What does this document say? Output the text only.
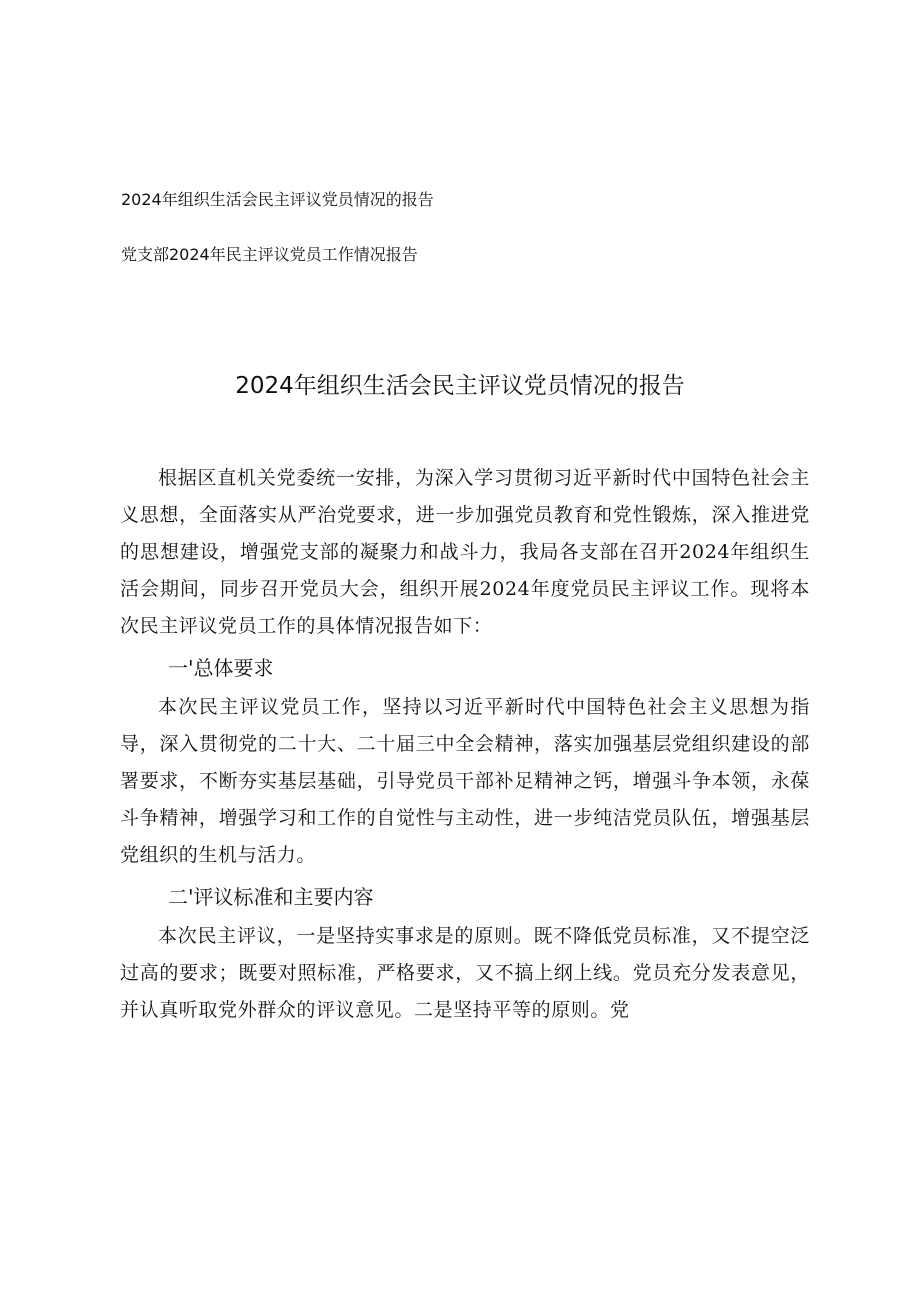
2024年组织生活会民主评议党员情况的报告
党支部2024年民主评议党员工作情况报告
2024年组织生活会民主评议党员情况的报告

根据区直机关党委统一安排，为深入学习贯彻习近平新时代中国特色社会主义思想，全面落实从严治党要求，进一步加强党员教育和党性锻炼，深入推进党的思想建设，增强党支部的凝聚力和战斗力，我局各支部在召开2024年组织生活会期间，同步召开党员大会，组织开展2024年度党员民主评议工作。现将本次民主评议党员工作的具体情况报告如下：

一'总体要求

本次民主评议党员工作，坚持以习近平新时代中国特色社会主义思想为指导，深入贯彻党的二十大、二十届三中全会精神，落实加强基层党组织建设的部署要求，不断夯实基层基础，引导党员干部补足精神之钙，增强斗争本领，永葆斗争精神，增强学习和工作的自觉性与主动性，进一步纯洁党员队伍，增强基层党组织的生机与活力。

二'评议标准和主要内容

本次民主评议，一是坚持实事求是的原则。既不降低党员标准，又不提空泛过高的要求；既要对照标准，严格要求，又不搞上纲上线。党员充分发表意见，并认真听取党外群众的评议意见。二是坚持平等的原则。党
